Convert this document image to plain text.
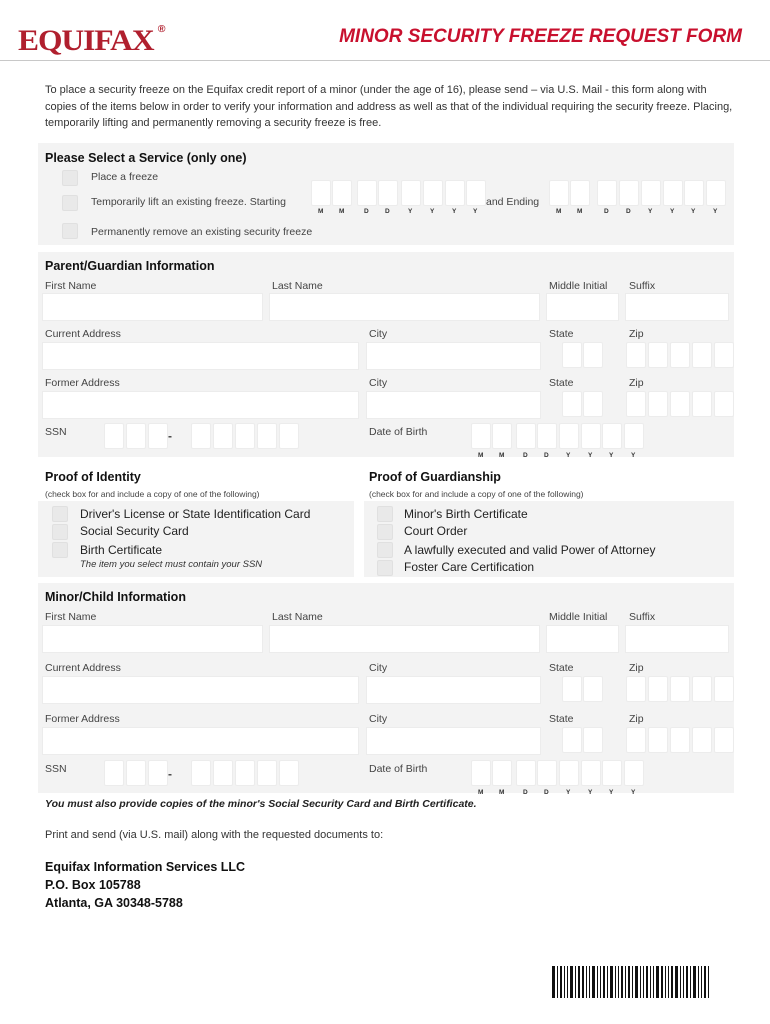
EQUIFAX ®	MINOR SECURITY FREEZE REQUEST FORM
To place a security freeze on the Equifax credit report of a minor (under the age of 16), please send – via U.S. Mail - this form along with copies of the items below in order to verify your information and address as well as that of the individual requiring the security freeze. Placing, temporarily lifting and permanently removing a security freeze is free.
Please Select a Service (only one)
Place a freeze
Temporarily lift an existing freeze. Starting
Permanently remove an existing security freeze
and Ending
M M	D	D	Y	Y	Y	Y	M M	D	D	Y	Y	Y	Y
Parent/Guardian Information
First Name	Last Name	Middle Initial Suffix
Current Address	City	State	Zip
Former Address	City	State	Zip
SSN	Date of Birth
-
M M	D	D	Y	Y	Y	Y
Proof of Identity
(check box for and include a copy of one of the following)
Proof of Guardianship
(check box for and include a copy of one of the following)
Driver's License or State Identification Card
Social Security Card
Birth Certificate
The item you select must contain your SSN
Minor's Birth Certificate
Court Order
A lawfully executed and valid Power of Attorney
Foster Care Certification
Minor/Child Information
First Name	Last Name	Middle Initial Suffix
Current Address	City	State	Zip
Former Address	City	State	Zip
SSN	Date of Birth
-
M M	D	D	Y	Y	Y	Y
You must also provide copies of the minor's Social Security Card and Birth Certificate.
Print and send (via U.S. mail) along with the requested documents to:
Equifax Information Services LLC
P.O. Box 105788
Atlanta, GA 30348-5788
